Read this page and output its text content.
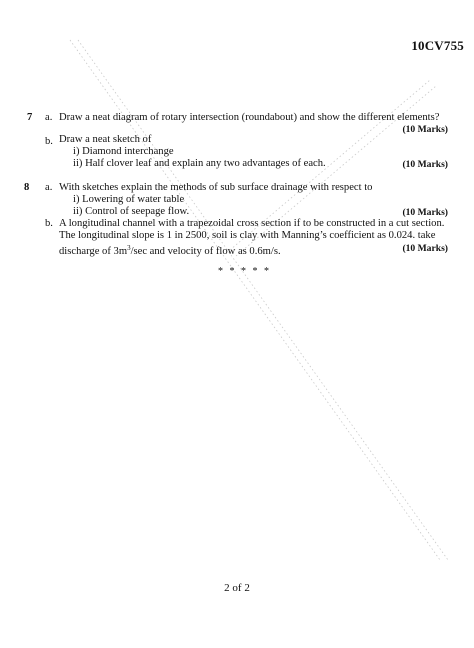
10CV755
7 a. Draw a neat diagram of rotary intersection (roundabout) and show the different elements?
(10 Marks)
b. Draw a neat sketch of
i) Diamond interchange
ii) Half clover leaf and explain any two advantages of each.	(10 Marks)
8 a. With sketches explain the methods of sub surface drainage with respect to
i) Lowering of water table
ii) Control of seepage flow.	(10 Marks)
b. A longitudinal channel with a trapezoidal cross section if to be constructed in a cut section.
The longitudinal slope is 1 in 2500, soil is clay with Manning’s coefficient as 0.024. take
discharge of $3m^3/\sec$ and velocity of flow as 0.6m/s.	(10 Marks)
* * * * *
2 of 2
